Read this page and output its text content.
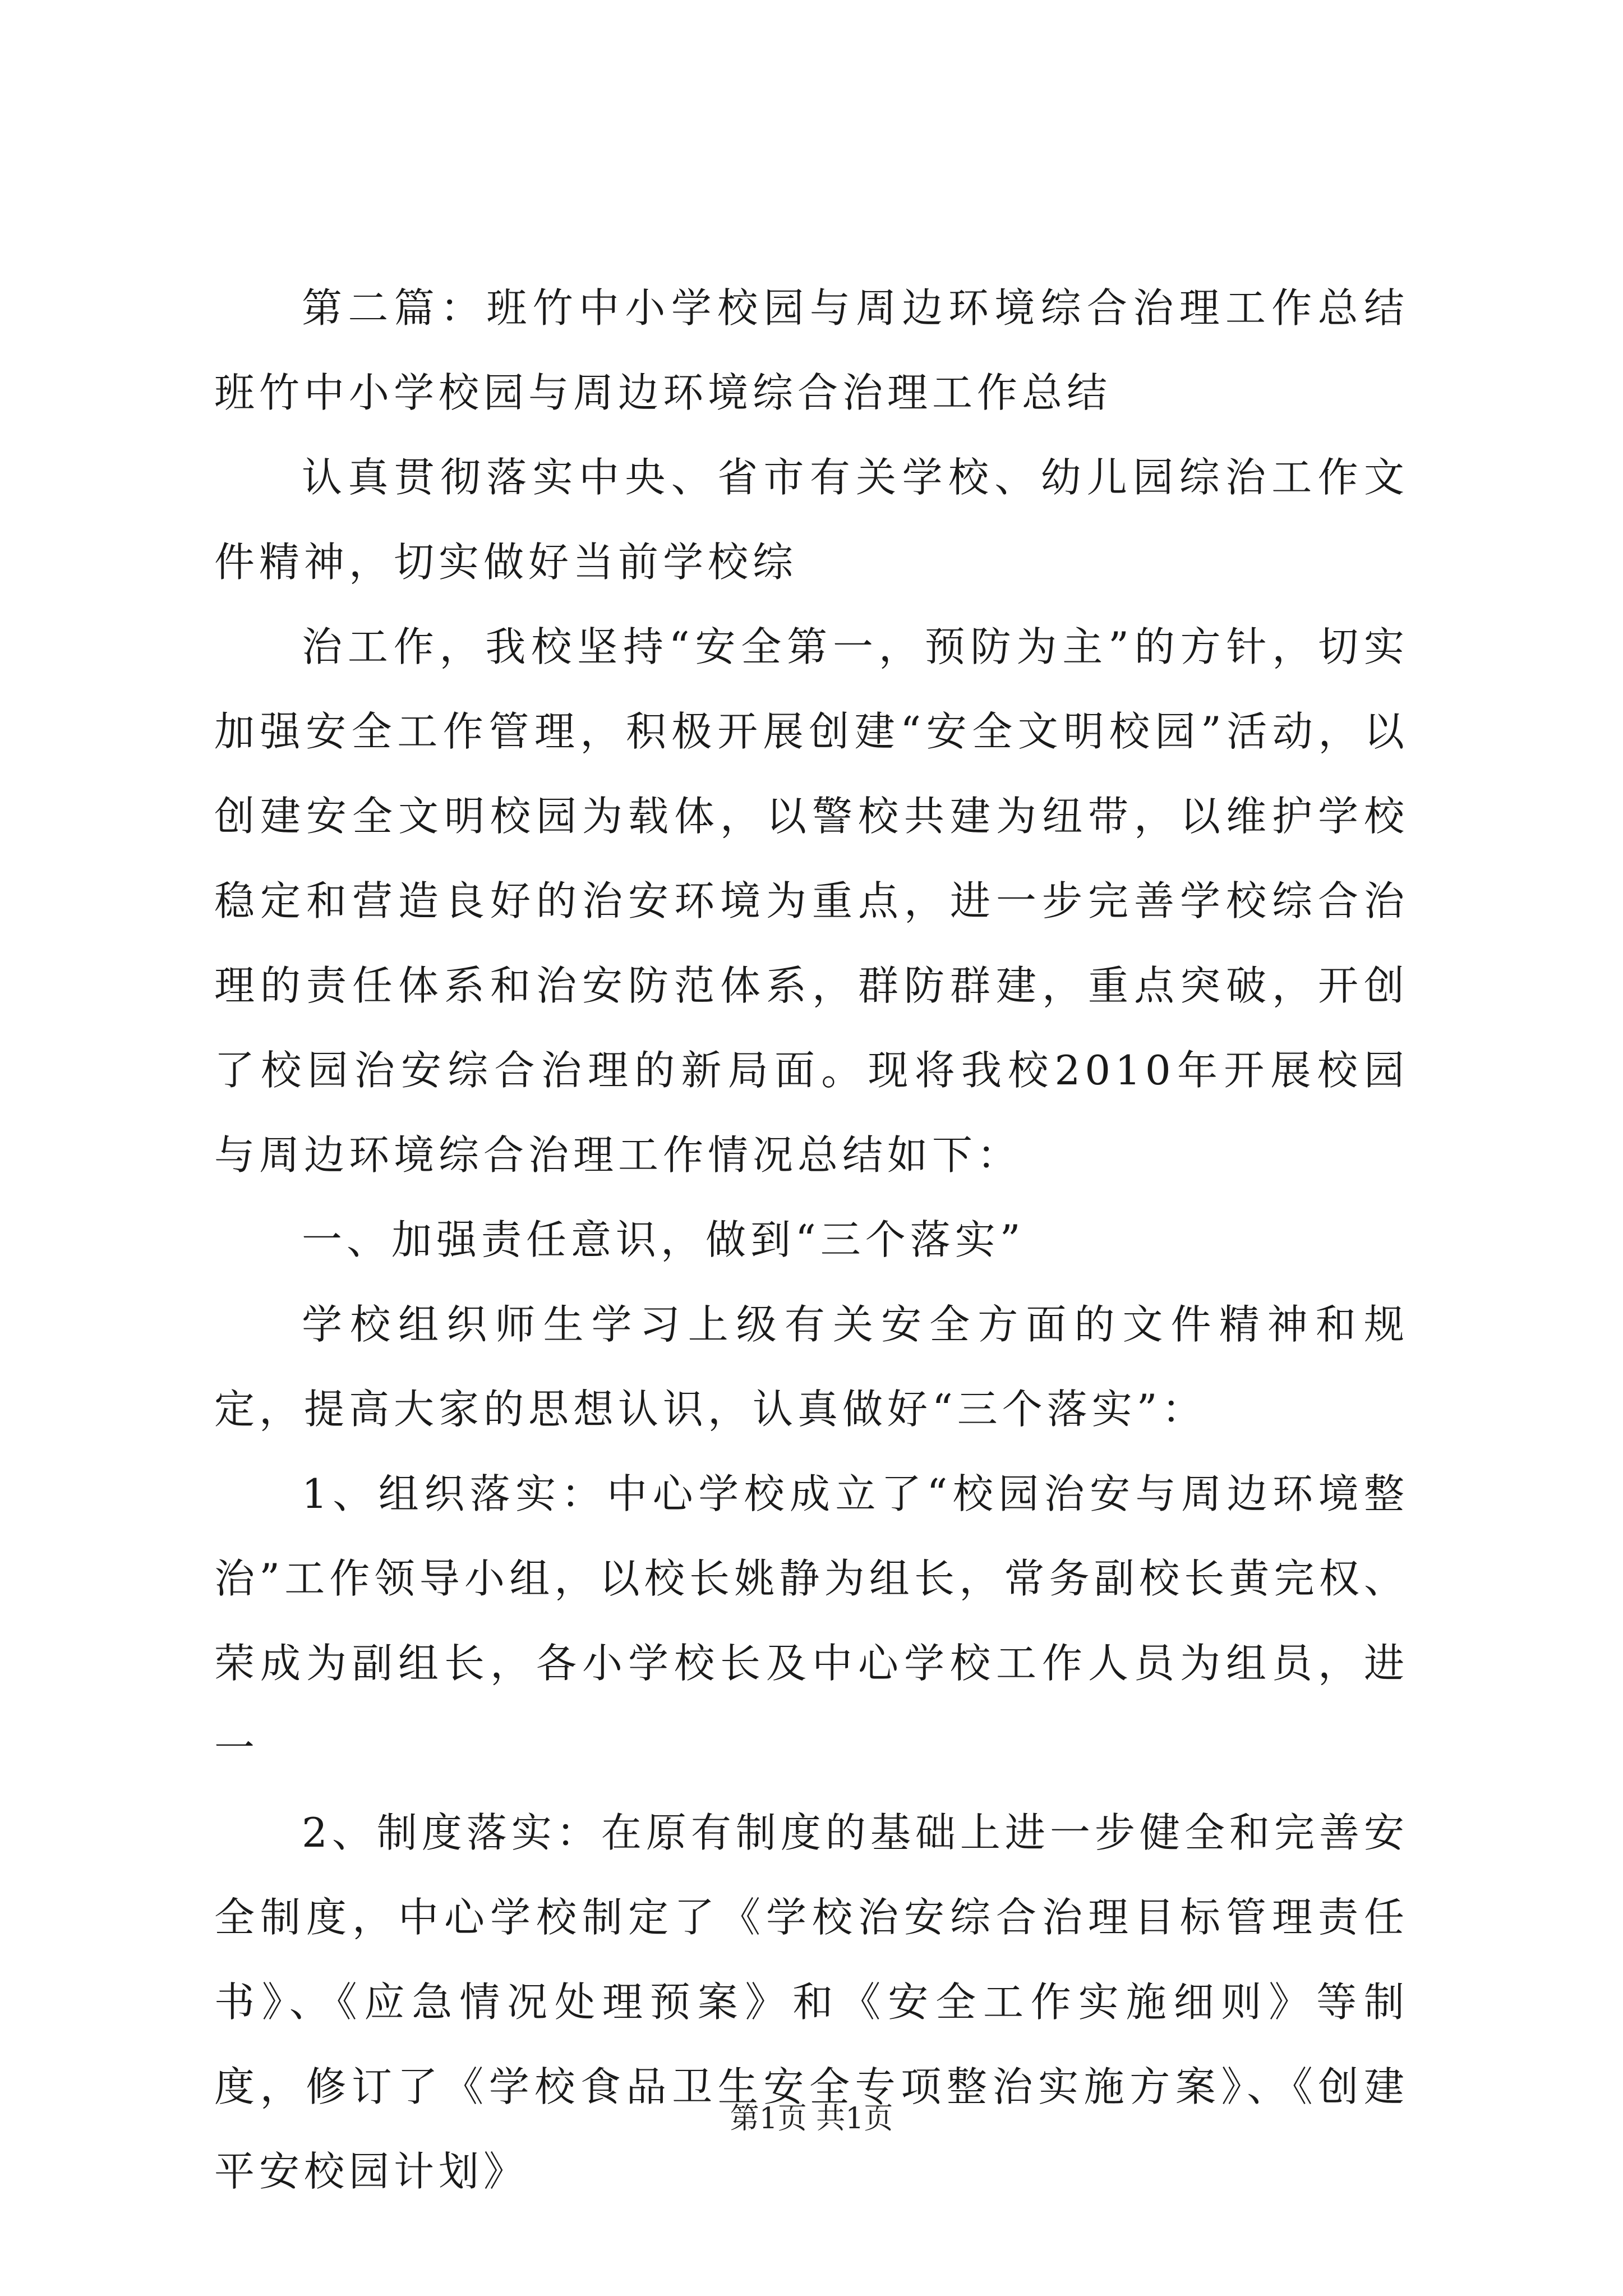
第二篇：班竹中小学校园与周边环境综合治理工作总结班竹中小学校园与周边环境综合治理工作总结

认真贯彻落实中央、省市有关学校、幼儿园综治工作文件精神，切实做好当前学校综

治工作，我校坚持“安全第一，预防为主”的方针，切实加强安全工作管理，积极开展创建“安全文明校园”活动，以创建安全文明校园为载体，以警校共建为纽带，以维护学校稳定和营造良好的治安环境为重点，进一步完善学校综合治理的责任体系和治安防范体系，群防群建，重点突破，开创了校园治安综合治理的新局面。现将我校2010年开展校园与周边环境综合治理工作情况总结如下：

一、加强责任意识，做到“三个落实”

学校组织师生学习上级有关安全方面的文件精神和规定，提高大家的思想认识，认真做好“三个落实”：

1、组织落实：中心学校成立了“校园治安与周边环境整治”工作领导小组，以校长姚静为组长，常务副校长黄完权、荣成为副组长，各小学校长及中心学校工作人员为组员，进一

2、制度落实：在原有制度的基础上进一步健全和完善安全制度，中心学校制定了《学校治安综合治理目标管理责任书》、《应急情况处理预案》和《安全工作实施细则》等制度，修订了《学校食品卫生安全专项整治实施方案》、《创建平安校园计划》

第1页 共1页
